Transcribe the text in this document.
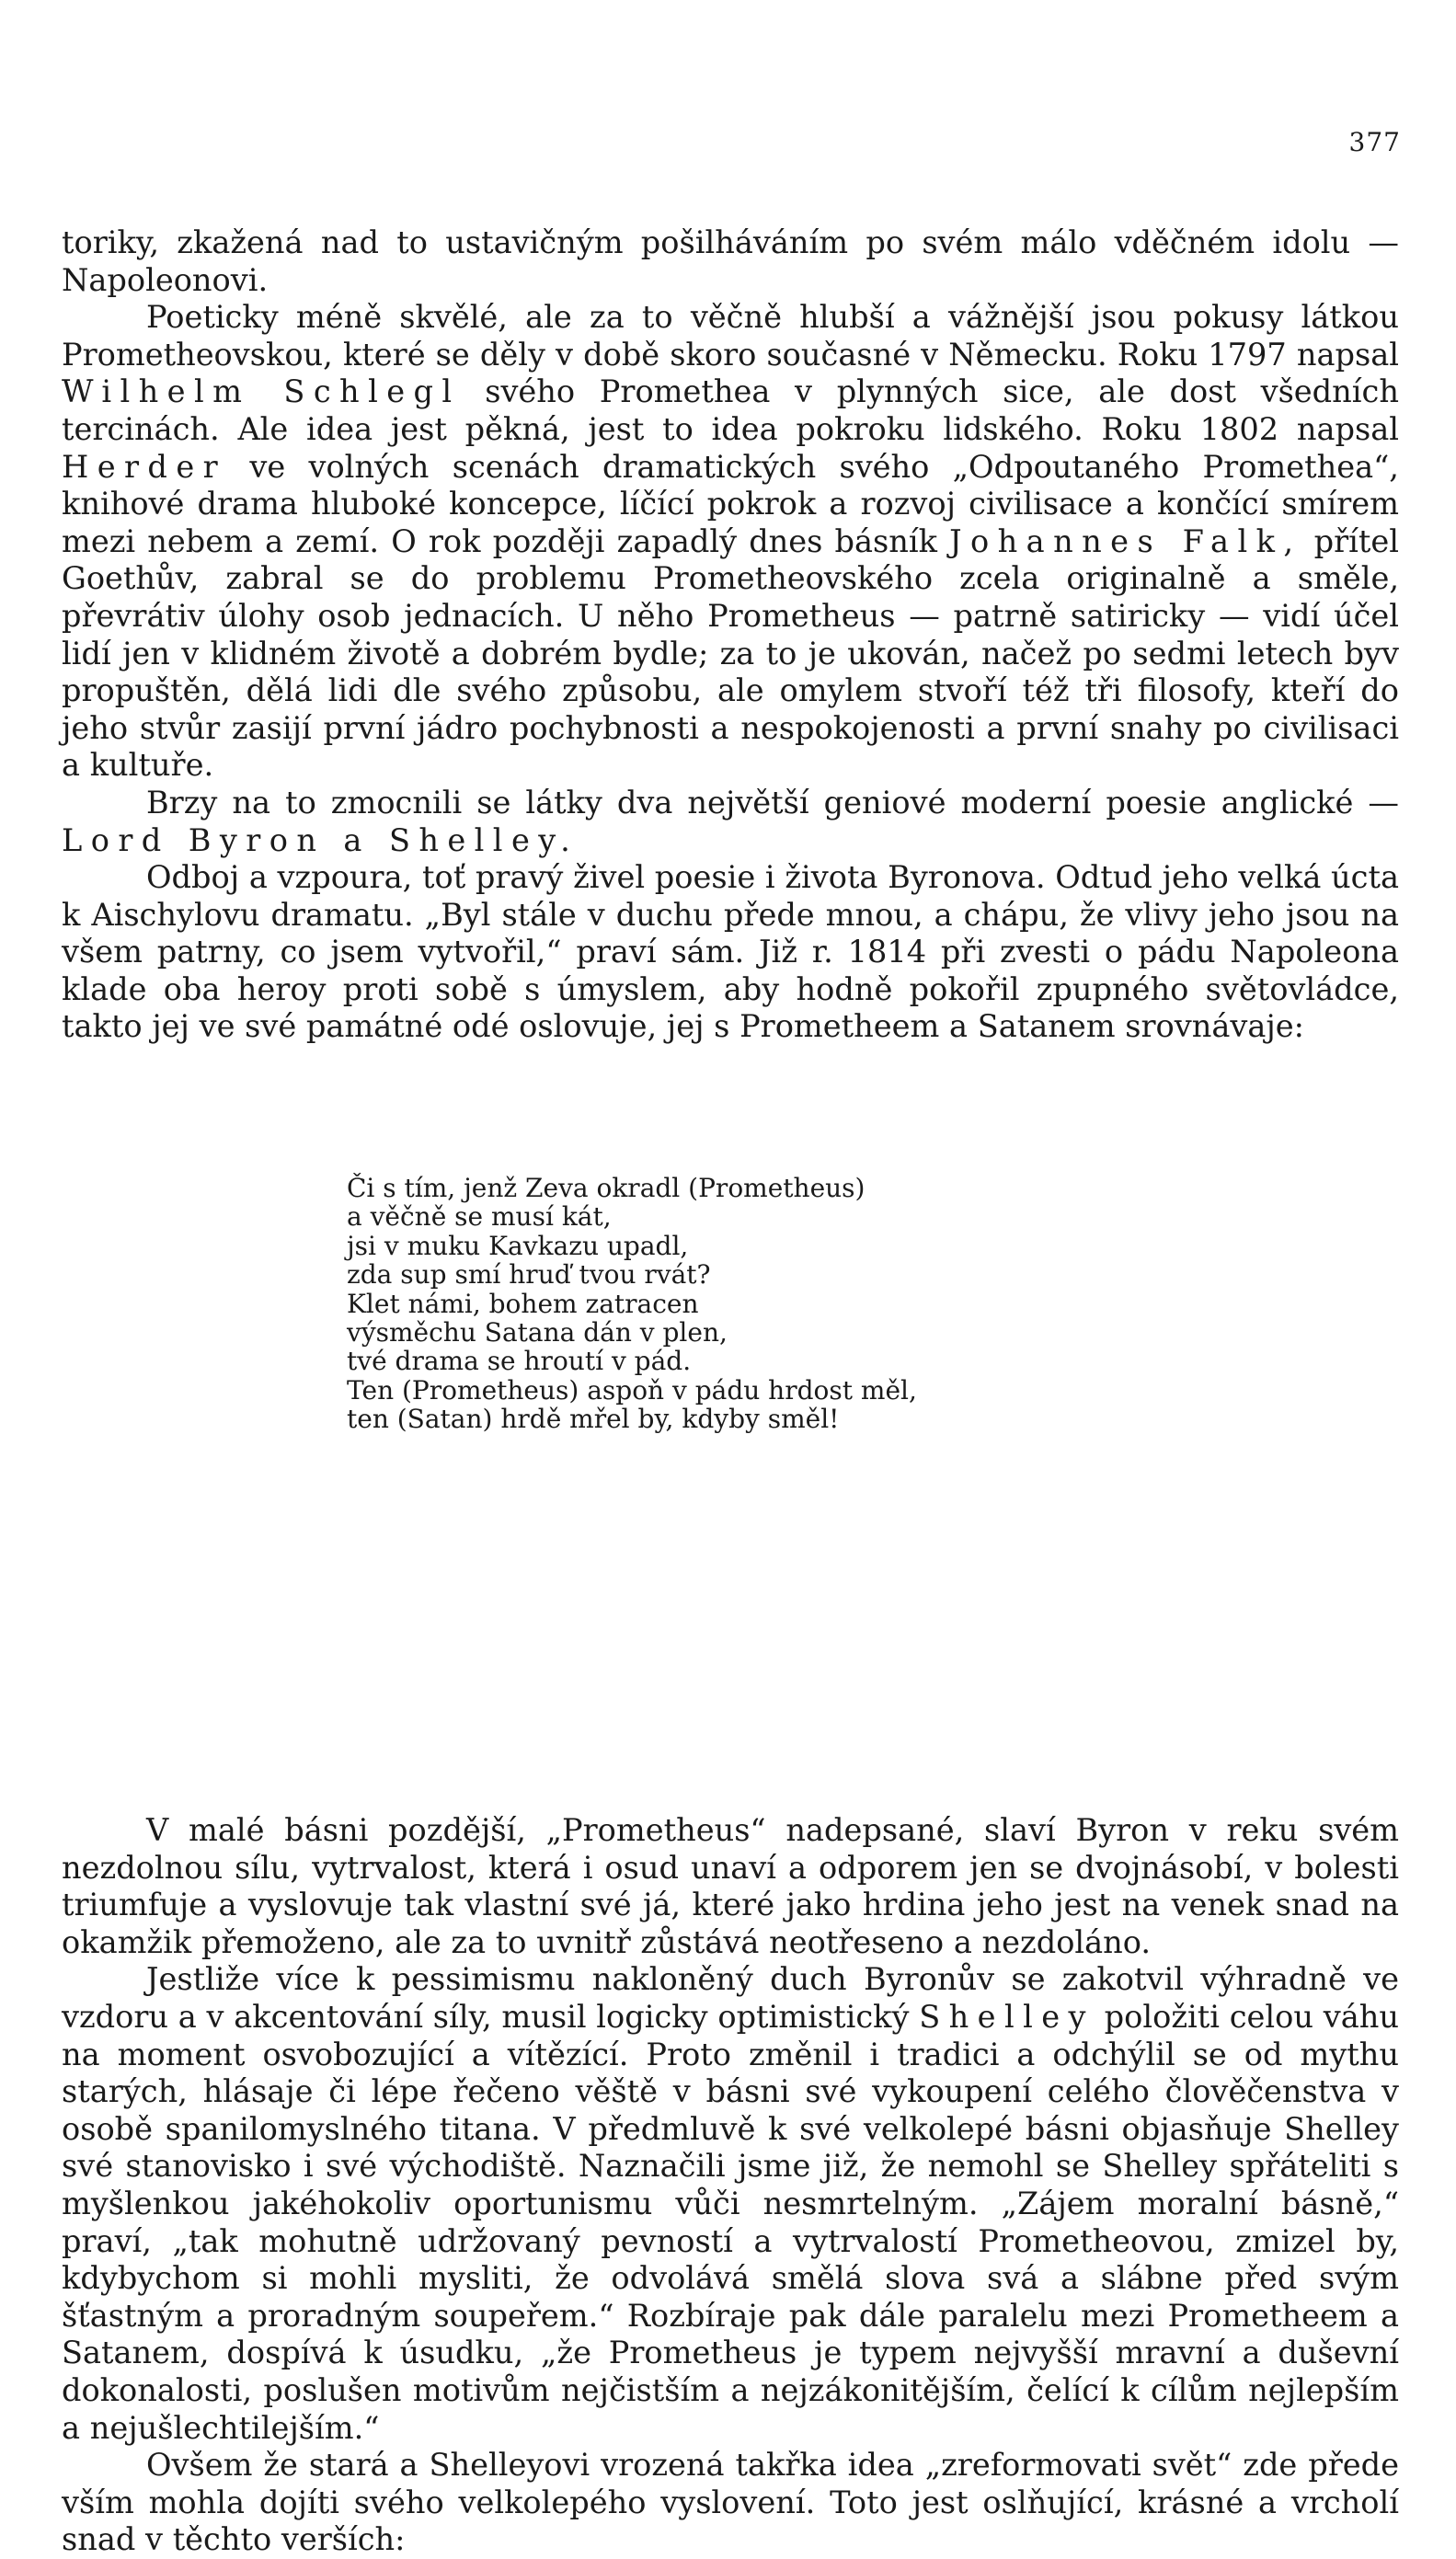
377

toriky, zkažená nad to ustavičným pošilháváním po svém málo vděčném idolu — Napoleonovi.

Poeticky méně skvělé, ale za to věčně hlubší a vážnější jsou pokusy látkou Prometheovskou, které se děly v době skoro současné v Německu. Roku 1797 napsal Wilhelm Schlegl svého Promethea v plynných sice, ale dost všedních tercinách. Ale idea jest pěkná, jest to idea pokroku lidského. Roku 1802 napsal Herder ve volných scenách dramatických svého „Odpoutaného Promethea“, knihové drama hluboké koncepce, líčící pokrok a rozvoj civilisace a končící smírem mezi nebem a zemí. O rok později zapadlý dnes básník Johannes Falk, přítel Goethův, zabral se do problemu Prometheovského zcela originalně a směle, převrátiv úlohy osob jednacích. U něho Prometheus — patrně satiricky — vidí účel lidí jen v klidném životě a dobrém bydle; za to je ukován, načež po sedmi letech byv propuštěn, dělá lidi dle svého způsobu, ale omylem stvoří též tři filosofy, kteří do jeho stvůr zasijí první jádro pochybnosti a nespokojenosti a první snahy po civilisaci a kultuře.

Brzy na to zmocnili se látky dva největší geniové moderní poesie anglické — Lord Byron a Shelley.

Odboj a vzpoura, toť pravý živel poesie i života Byronova. Odtud jeho velká úcta k Aischylovu dramatu. „Byl stále v duchu přede mnou, a chápu, že vlivy jeho jsou na všem patrny, co jsem vytvořil,“ praví sám. Již r. 1814 při zvesti o pádu Napoleona klade oba heroy proti sobě s úmyslem, aby hodně pokořil zpupného světovládce, takto jej ve své památné odé oslovuje, jej s Prometheem a Satanem srovnávaje:

Či s tím, jenž Zeva okradl (Prometheus)
a věčně se musí kát,
jsi v muku Kavkazu upadl,
zda sup smí hruď tvou rvát?
Klet námi, bohem zatracen
výsměchu Satana dán v plen,
tvé drama se hroutí v pád.
Ten (Prometheus) aspoň v pádu hrdost měl,
ten (Satan) hrdě mřel by, kdyby směl!

V malé básni pozdější, „Prometheus“ nadepsané, slaví Byron v reku svém nezdolnou sílu, vytrvalost, která i osud unaví a odporem jen se dvojnásobí, v bolesti triumfuje a vyslovuje tak vlastní své já, které jako hrdina jeho jest na venek snad na okamžik přemoženo, ale za to uvnitř zůstává neotřeseno a nezdoláno.

Jestliže více k pessimismu nakloněný duch Byronův se zakotvil výhradně ve vzdoru a v akcentování síly, musil logicky optimistický Shelley položiti celou váhu na moment osvobozující a vítězící. Proto změnil i tradici a odchýlil se od mythu starých, hlásaje či lépe řečeno věště v básni své vykoupení celého člověčenstva v osobě spanilomyslného titana. V předmluvě k své velkolepé básni objasňuje Shelley své stanovisko i své východiště. Naznačili jsme již, že nemohl se Shelley spřáteliti s myšlenkou jakéhokoliv oportunismu vůči nesmrtelným. „Zájem moralní básně,“ praví, „tak mohutně udržovaný pevností a vytrvalostí Prometheovou, zmizel by, kdybychom si mohli mysliti, že odvolává smělá slova svá a slábne před svým šťastným a proradným soupeřem.“ Rozbíraje pak dále paralelu mezi Prometheem a Satanem, dospívá k úsudku, „že Prometheus je typem nejvyšší mravní a duševní dokonalosti, poslušen motivům nejčistším a nejzákonitějším, čelící k cílům nejlepším a nejušlechtilejším.“

Ovšem že stará a Shelleyovi vrozená takřka idea „zreformovati svět“ zde přede vším mohla dojíti svého velkolepého vyslovení. Toto jest oslňující, krásné a vrcholí snad v těchto verších:
